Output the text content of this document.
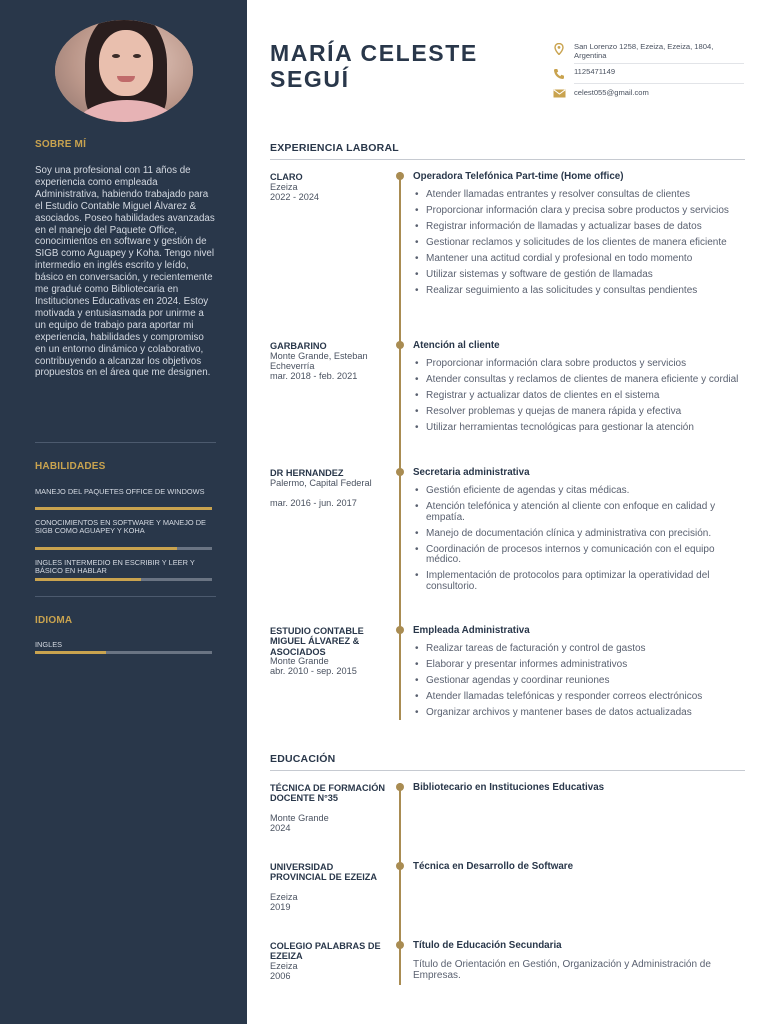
SOBRE MÍ

Soy una profesional con 11 años de experiencia como empleada Administrativa, habiendo trabajado para el Estudio Contable Miguel Álvarez & asociados. Poseo habilidades avanzadas en el manejo del Paquete Office, conocimientos en software y gestión de SIGB como Aguapey y Koha. Tengo nivel intermedio en inglés escrito y leído, básico en conversación, y recientemente me gradué como Bibliotecaria en Instituciones Educativas en 2024. Estoy motivada y entusiasmada por unirme a un equipo de trabajo para aportar mi experiencia, habilidades y compromiso en un entorno dinámico y colaborativo, contribuyendo a alcanzar los objetivos propuestos en el área que me designen.

HABILIDADES
MANEJO DEL PAQUETES OFFICE DE WINDOWS
CONOCIMIENTOS EN SOFTWARE Y MANEJO DE SIGB COMO AGUAPEY Y KOHA
INGLES INTERMEDIO EN ESCRIBIR Y LEER Y BÁSICO EN HABLAR
IDIOMA
INGLES
MARÍA CELESTE
SEGUÍ
San Lorenzo 1258, Ezeiza, Ezeiza, 1804, Argentina
1125471149
celest055@gmail.com
EXPERIENCIA LABORAL
CLARO
Ezeiza
2022 - 2024
Operadora Telefónica Part-time (Home office)
• Atender llamadas entrantes y resolver consultas de clientes
• Proporcionar información clara y precisa sobre productos y servicios
• Registrar información de llamadas y actualizar bases de datos
• Gestionar reclamos y solicitudes de los clientes de manera eficiente
• Mantener una actitud cordial y profesional en todo momento
• Utilizar sistemas y software de gestión de llamadas
• Realizar seguimiento a las solicitudes y consultas pendientes
GARBARINO
Monte Grande, Esteban Echeverría
mar. 2018 - feb. 2021
Atención al cliente
• Proporcionar información clara sobre productos y servicios
• Atender consultas y reclamos de clientes de manera eficiente y cordial
• Registrar y actualizar datos de clientes en el sistema
• Resolver problemas y quejas de manera rápida y efectiva
• Utilizar herramientas tecnológicas para gestionar la atención
DR HERNANDEZ
Palermo, Capital Federal
mar. 2016 - jun. 2017
Secretaria administrativa
• Gestión eficiente de agendas y citas médicas.
• Atención telefónica y atención al cliente con enfoque en calidad y empatía.
• Manejo de documentación clínica y administrativa con precisión.
• Coordinación de procesos internos y comunicación con el equipo médico.
• Implementación de protocolos para optimizar la operatividad del consultorio.
ESTUDIO CONTABLE MIGUEL ÁLVAREZ & ASOCIADOS
Monte Grande
abr. 2010 - sep. 2015
Empleada Administrativa
• Realizar tareas de facturación y control de gastos
• Elaborar y presentar informes administrativos
• Gestionar agendas y coordinar reuniones
• Atender llamadas telefónicas y responder correos electrónicos
• Organizar archivos y mantener bases de datos actualizadas
EDUCACIÓN
TÉCNICA DE FORMACIÓN DOCENTE N°35
Monte Grande
2024
Bibliotecario en Instituciones Educativas
UNIVERSIDAD PROVINCIAL DE EZEIZA
Ezeiza
2019
Técnica en Desarrollo de Software
COLEGIO PALABRAS DE EZEIZA
Ezeiza
2006
Título de Educación Secundaria
Título de Orientación en Gestión, Organización y Administración de Empresas.
